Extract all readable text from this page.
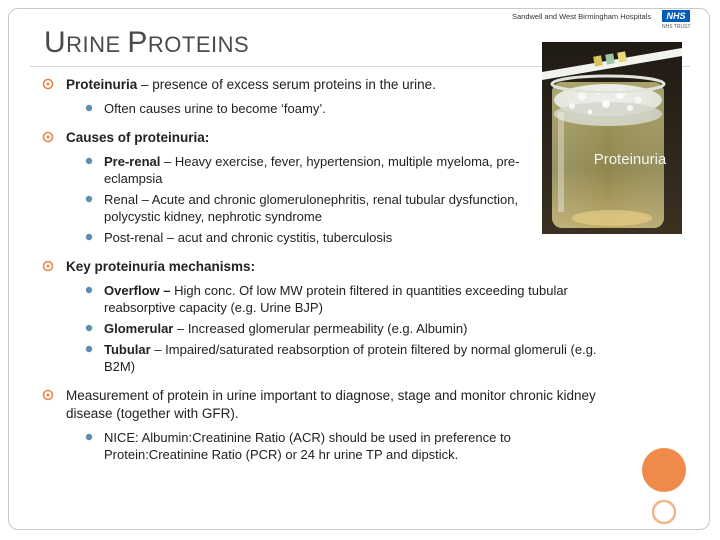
Sandwell and West Birmingham Hospitals	NHS
NHS TRUST
URINE PROTEINS
Proteinuria – presence of excess serum proteins in the urine.
Often causes urine to become ‘foamy’.
Causes of proteinuria:
Pre-renal – Heavy exercise, fever, hypertension, multiple myeloma, pre-eclampsia
Renal – Acute and chronic glomerulonephritis, renal tubular dysfunction, polycystic kidney, nephrotic syndrome
Post-renal – acut and chronic cystitis, tuberculosis
Key proteinuria mechanisms:
Overflow – High conc. Of low MW protein filtered in quantities exceeding tubular reabsorptive capacity (e.g. Urine BJP)
Glomerular – Increased glomerular permeability (e.g. Albumin)
Tubular – Impaired/saturated reabsorption of protein filtered by normal glomeruli (e.g. B2M)
Measurement of protein in urine important to diagnose, stage and monitor chronic kidney disease (together with GFR).
NICE: Albumin:Creatinine Ratio (ACR) should be used in preference to Protein:Creatinine Ratio (PCR) or 24 hr urine TP and dipstick.
Proteinuria
